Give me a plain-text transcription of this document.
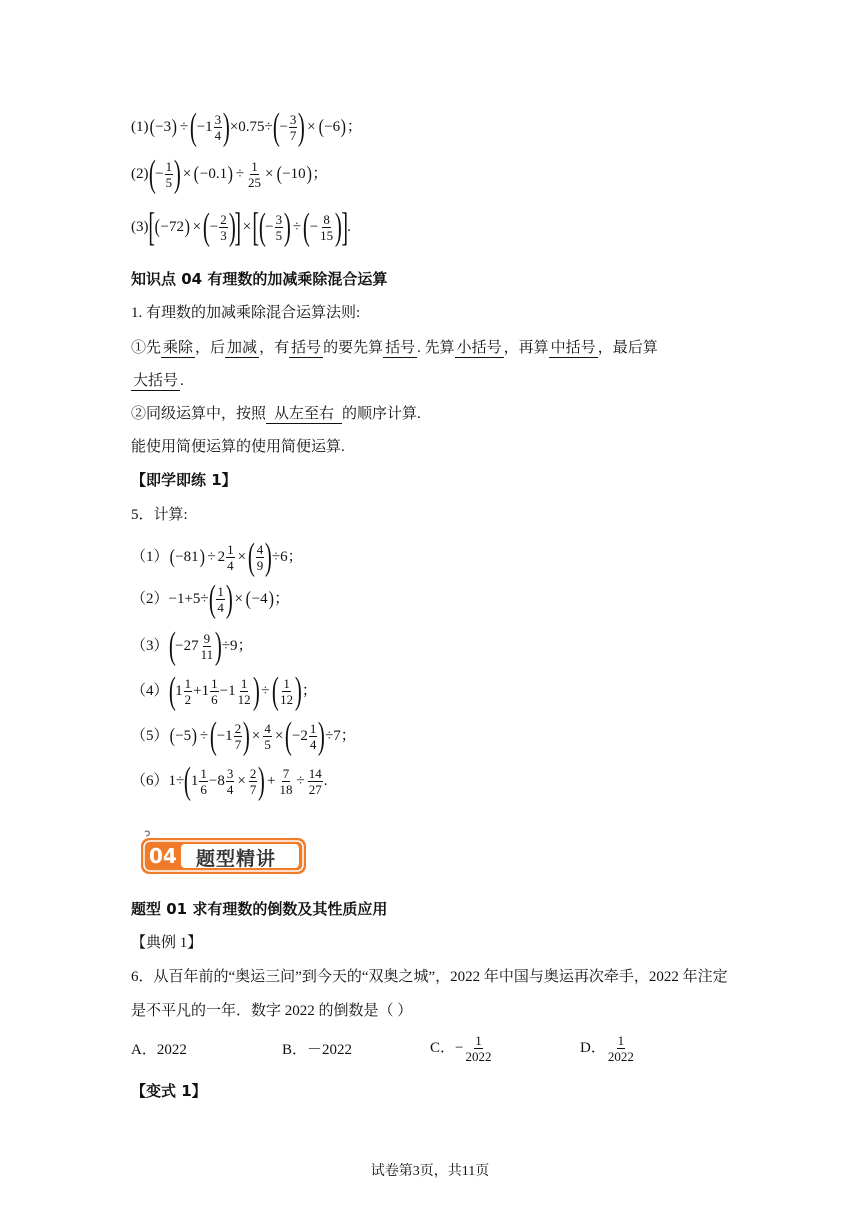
(1) ( −3 ) ÷ ( $-1 \frac{3}{4}$ ) ×0.75÷ ( − $\frac{3}{7}$ ) × ( −6 ) ；
(2) ( − $\frac{1}{5}$ ) × ( −0.1 ) ÷ $\frac{1}{25}$ × ( −10 ) ；
(3) [ ( −72 ) × ( − $\frac{2}{3}$ ) ] × [ ( − $\frac{3}{5}$ ) ÷ ( − $\frac{8}{15}$ ) ] .
知识点 04 有理数的加减乘除混合运算
1. 有理数的加减乘除混合运算法则:
①先 乘除 ，后 加减 ，有 括号 的要先算 括号 . 先算 小括号 ，再算 中括号 ，最后算
大括号 .
②同级运算中，按照 从左至右 的顺序计算.
能使用简便运算的使用简便运算.
【即学即练 1】
5．计算:
（1） ( −81 ) ÷ $2 \frac{1}{4}$ × ( $\frac{4}{9}$ ) ÷6 ；
（2） −1+5÷ ( $\frac{1}{4}$ ) × ( −4 ) ；
（3） ( $-27 \frac{9}{11}$ ) ÷9 ；
（4） ( $1 \frac{1}{2} +1 \frac{1}{6} -1 \frac{1}{12}$ ) ÷ ( $\frac{1}{12}$ ) ；
（5） ( −5 ) ÷ ( $-1 \frac{2}{7}$ ) × $\frac{4}{5}$ × ( $-2 \frac{1}{4}$ ) ÷7 ；
（6） 1÷ ( $1 \frac{1}{6} -8 \frac{3}{4} \times \frac{2}{7}$ ) + $\frac{7}{18} \div \frac{14}{27}$ .
04 题型精讲
题型 01 求有理数的倒数及其性质应用
【典例 1】
6．从百年前的“奥运三问”到今天的“双奥之城”，2022 年中国与奥运再次牵手，2022 年注定
是不平凡的一年．数字 2022 的倒数是（ ）
A．2022	B．－2022	C． − $\frac{1}{2022}$	D． $\frac{1}{2022}$
【变式 1】
试卷第3页，共11页
